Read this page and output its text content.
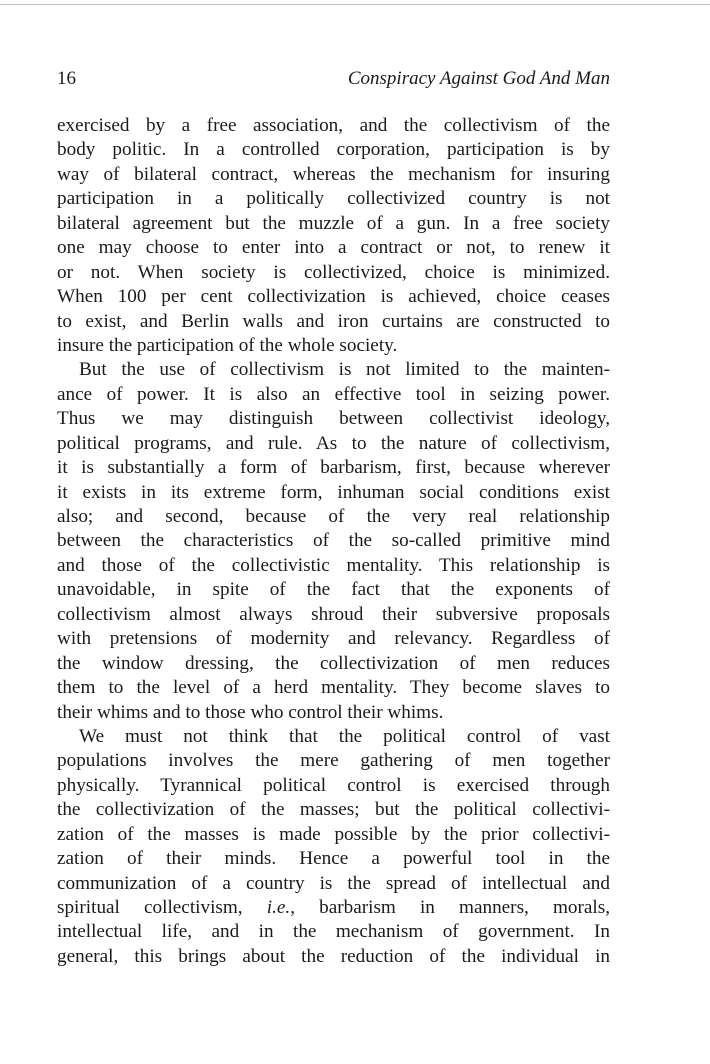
16	Conspiracy Against God And Man
exercised by a free association, and the collectivism of the
body politic. In a controlled corporation, participation is by
way of bilateral contract, whereas the mechanism for insuring
participation in a politically collectivized country is not
bilateral agreement but the muzzle of a gun. In a free society
one may choose to enter into a contract or not, to renew it
or not. When society is collectivized, choice is minimized.
When 100 per cent collectivization is achieved, choice ceases
to exist, and Berlin walls and iron curtains are constructed to
insure the participation of the whole society.
But the use of collectivism is not limited to the mainten-
ance of power. It is also an effective tool in seizing power.
Thus we may distinguish between collectivist ideology,
political programs, and rule. As to the nature of collectivism,
it is substantially a form of barbarism, first, because wherever
it exists in its extreme form, inhuman social conditions exist
also; and second, because of the very real relationship
between the characteristics of the so-called primitive mind
and those of the collectivistic mentality. This relationship is
unavoidable, in spite of the fact that the exponents of
collectivism almost always shroud their subversive proposals
with pretensions of modernity and relevancy. Regardless of
the window dressing, the collectivization of men reduces
them to the level of a herd mentality. They become slaves to
their whims and to those who control their whims.
We must not think that the political control of vast
populations involves the mere gathering of men together
physically. Tyrannical political control is exercised through
the collectivization of the masses; but the political collectivi-
zation of the masses is made possible by the prior collectivi-
zation of their minds. Hence a powerful tool in the
communization of a country is the spread of intellectual and
spiritual collectivism, i.e., barbarism in manners, morals,
intellectual life, and in the mechanism of government. In
general, this brings about the reduction of the individual in
